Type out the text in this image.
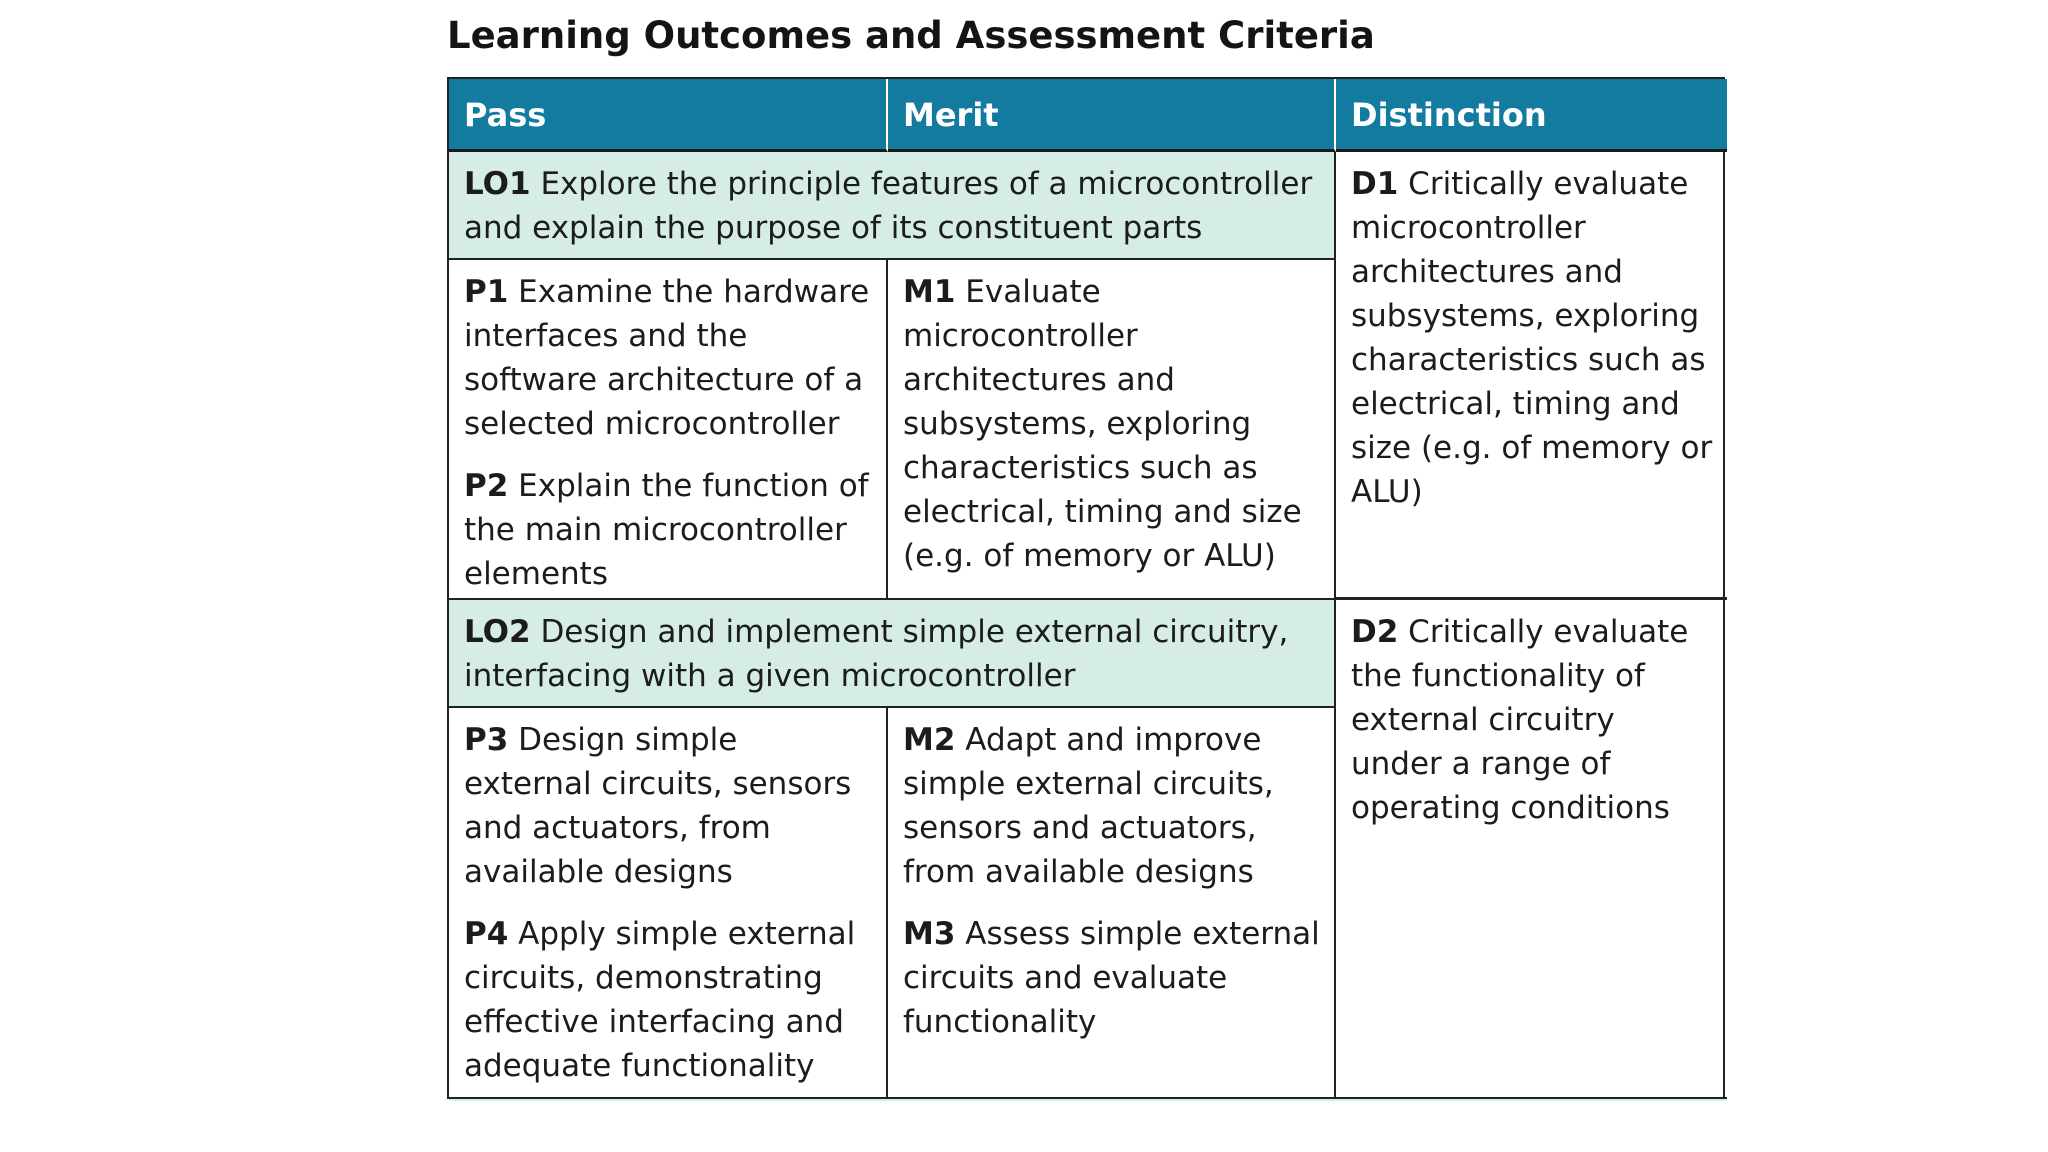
Learning Outcomes and Assessment Criteria
Pass	Merit	Distinction
LO1 Explore the principle features of a microcontroller and explain the purpose of its constituent parts
D1 Critically evaluate microcontroller architectures and subsystems, exploring characteristics such as electrical, timing and size (e.g. of memory or ALU)
P1 Examine the hardware interfaces and the software architecture of a selected microcontroller
P2 Explain the function of the main microcontroller elements
M1 Evaluate microcontroller architectures and subsystems, exploring characteristics such as electrical, timing and size (e.g. of memory or ALU)
LO2 Design and implement simple external circuitry, interfacing with a given microcontroller
D2 Critically evaluate the functionality of external circuitry under a range of operating conditions
P3 Design simple external circuits, sensors and actuators, from available designs
P4 Apply simple external circuits, demonstrating effective interfacing and adequate functionality
M2 Adapt and improve simple external circuits, sensors and actuators, from available designs
M3 Assess simple external circuits and evaluate functionality
